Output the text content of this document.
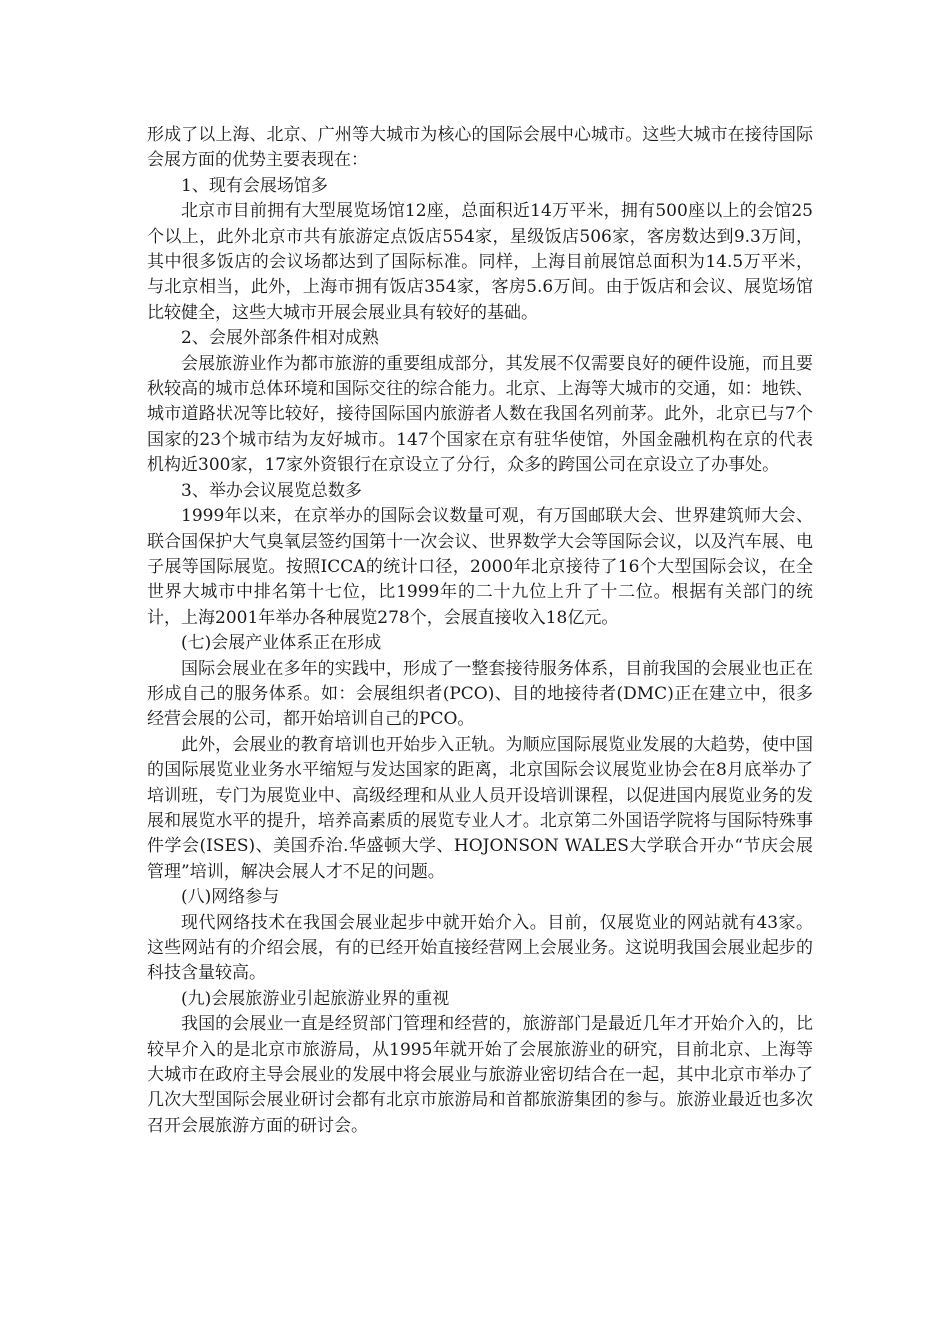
形成了以上海、北京、广州等大城市为核心的国际会展中心城市。这些大城市在接待国际会展方面的优势主要表现在：

1、现有会展场馆多

北京市目前拥有大型展览场馆12座，总面积近14万平米，拥有500座以上的会馆25个以上，此外北京市共有旅游定点饭店554家，星级饭店506家，客房数达到9.3万间，其中很多饭店的会议场都达到了国际标准。同样，上海目前展馆总面积为14.5万平米，与北京相当，此外，上海市拥有饭店354家，客房5.6万间。由于饭店和会议、展览场馆比较健全，这些大城市开展会展业具有较好的基础。

2、会展外部条件相对成熟

会展旅游业作为都市旅游的重要组成部分，其发展不仅需要良好的硬件设施，而且要秋较高的城市总体环境和国际交往的综合能力。北京、上海等大城市的交通，如：地铁、城市道路状况等比较好，接待国际国内旅游者人数在我国名列前茅。此外，北京已与7个国家的23个城市结为友好城市。147个国家在京有驻华使馆，外国金融机构在京的代表机构近300家，17家外资银行在京设立了分行，众多的跨国公司在京设立了办事处。

3、举办会议展览总数多

1999年以来，在京举办的国际会议数量可观，有万国邮联大会、世界建筑师大会、联合国保护大气臭氧层签约国第十一次会议、世界数学大会等国际会议，以及汽车展、电子展等国际展览。按照ICCA的统计口径，2000年北京接待了16个大型国际会议，在全世界大城市中排名第十七位，比1999年的二十九位上升了十二位。根据有关部门的统计，上海2001年举办各种展览278个，会展直接收入18亿元。

(七)会展产业体系正在形成

国际会展业在多年的实践中，形成了一整套接待服务体系，目前我国的会展业也正在形成自己的服务体系。如：会展组织者(PCO)、目的地接待者(DMC)正在建立中，很多经营会展的公司，都开始培训自己的PCO。

此外，会展业的教育培训也开始步入正轨。为顺应国际展览业发展的大趋势，使中国的国际展览业业务水平缩短与发达国家的距离，北京国际会议展览业协会在8月底举办了培训班，专门为展览业中、高级经理和从业人员开设培训课程，以促进国内展览业务的发展和展览水平的提升，培养高素质的展览专业人才。北京第二外国语学院将与国际特殊事件学会(ISES)、美国乔治.华盛顿大学、HOJONSON WALES大学联合开办“节庆会展管理”培训，解决会展人才不足的问题。

(八)网络参与

现代网络技术在我国会展业起步中就开始介入。目前，仅展览业的网站就有43家。这些网站有的介绍会展，有的已经开始直接经营网上会展业务。这说明我国会展业起步的科技含量较高。

(九)会展旅游业引起旅游业界的重视

我国的会展业一直是经贸部门管理和经营的，旅游部门是最近几年才开始介入的，比较早介入的是北京市旅游局，从1995年就开始了会展旅游业的研究，目前北京、上海等大城市在政府主导会展业的发展中将会展业与旅游业密切结合在一起，其中北京市举办了几次大型国际会展业研讨会都有北京市旅游局和首都旅游集团的参与。旅游业最近也多次召开会展旅游方面的研讨会。
